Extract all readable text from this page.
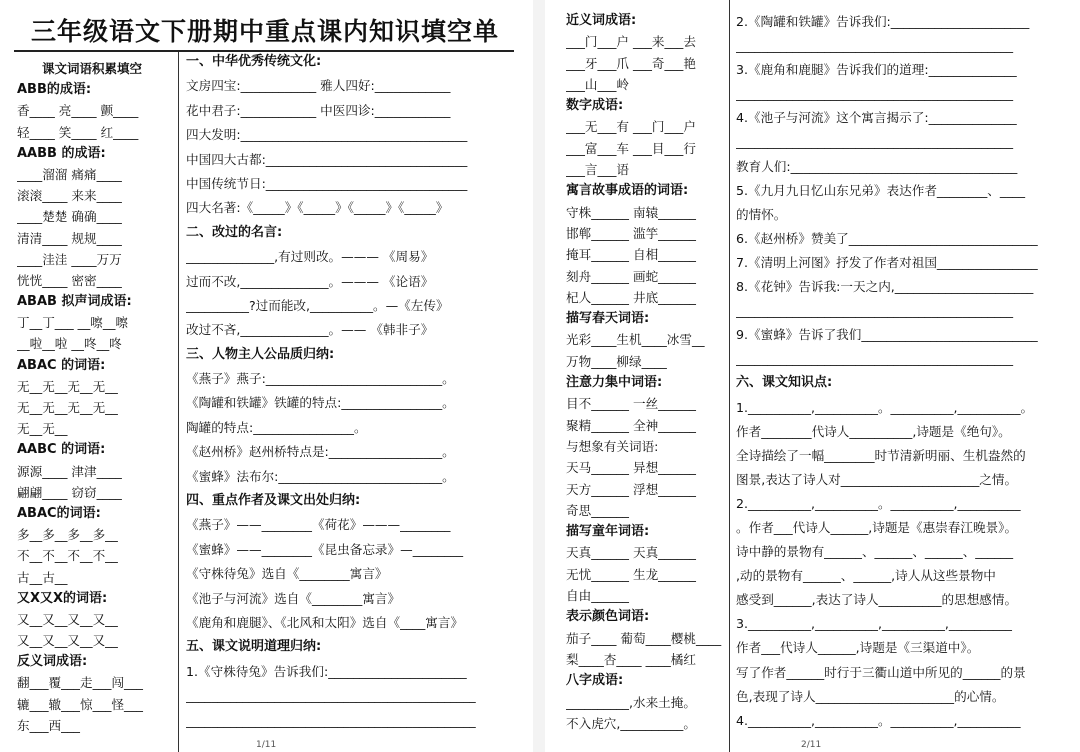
三年级语文下册期中重点课内知识填空单
课文词语积累填空
ABB的成语:
香____ 亮____ 颤____
轻____ 笑____ 红____
AABB 的成语:
____溜溜 痛痛____
滚滚____ 来来____
____楚楚 确确____
清清____ 规规____
____洼洼 ____万万
恍恍____ 密密____
ABAB 拟声词成语:
丁__丁___ __嚓__嚓
__啦__啦 __咚__咚
ABAC 的词语:
无__无__无__无__
无__无__无__无__
无__无__
AABC 的词语:
源源____ 津津____
翩翩____ 窃窃____
ABAC的词语:
多__多__多__多__
不__不__不__不__
古__古__
又X又X的词语:
又__又__又__又__
又__又__又__又__
反义词成语:
翻___覆___走___闯___
辘___辙___惊___怪___
东___西___
一、中华优秀传统文化:
文房四宝:____________ 雅人四好:____________
花中君子:____________ 中医四诊:____________
四大发明:____________________________________
中国四大古都:________________________________
中国传统节日:________________________________
四大名著:《_____》《_____》《_____》《_____》
二、改过的名言:
______________,有过则改。——— 《周易》
过而不改,______________。——— 《论语》
__________?过而能改,__________。—《左传》
改过不吝,______________。—— 《韩非子》
三、人物主人公品质归纳:
《燕子》燕子:____________________________。
《陶罐和铁罐》铁罐的特点:________________。
陶罐的特点:________________。
《赵州桥》赵州桥特点是:__________________。
《蜜蜂》法布尔:__________________________。
四、重点作者及课文出处归纳:
《燕子》——________《荷花》———________
《蜜蜂》——________《昆虫备忘录》—________
《守株待兔》选自《________寓言》
《池子与河流》选自《________寓言》
《鹿角和鹿腿》、《北风和太阳》选自《____寓言》
五、课文说明道理归纳:
1.《守株待兔》告诉我们:______________________
______________________________________________
______________________________________________
1/11
近义词成语:
___门___户 ___来___去
___牙___爪 ___奇___艳
___山___岭
数字成语:
___无___有 ___门___户
___富___车 ___目___行
___言___语
寓言故事成语的词语:
守株______ 南辕______
邯郸______ 滥竽______
掩耳______ 自相______
刻舟______ 画蛇______
杞人______ 井底______
描写春天词语:
光彩____生机____冰雪__
万物____柳绿____
注意力集中词语:
目不______ 一丝______
聚精______ 全神______
与想象有关词语:
天马______ 异想______
天方______ 浮想______
奇思______
描写童年词语:
天真______ 天真______
无忧______ 生龙______
自由______
表示颜色词语:
茄子____ 葡萄____樱桃____
梨____杏____ ____橘红
八字成语:
__________,水来土掩。
不入虎穴,__________。
2.《陶罐和铁罐》告诉我们:______________________
____________________________________________
3.《鹿角和鹿腿》告诉我们的道理:______________
____________________________________________
4.《池子与河流》这个寓言揭示了:______________
____________________________________________
教育人们:____________________________________
5.《九月九日忆山东兄弟》表达作者________、____
的情怀。
6.《赵州桥》赞美了______________________________
7.《清明上河图》抒发了作者对祖国________________
8.《花钟》告诉我:一天之内,______________________
____________________________________________
9.《蜜蜂》告诉了我们____________________________
____________________________________________
六、课文知识点:
1.__________,__________。__________,__________。
作者________代诗人__________,诗题是《绝句》。
全诗描绘了一幅________时节清新明丽、生机盎然的
图景,表达了诗人对______________________之情。
2.__________,__________。__________,__________
。作者___代诗人______,诗题是《惠崇春江晚景》。
诗中静的景物有______、______、______、______
,动的景物有______、______,诗人从这些景物中
感受到______,表达了诗人__________的思想感情。
3.__________,__________,__________,__________
作者___代诗人______,诗题是《三渠道中》。
写了作者______时行于三衢山道中所见的______的景
色,表现了诗人______________________的心情。
4.__________,__________。__________,__________
2/11
